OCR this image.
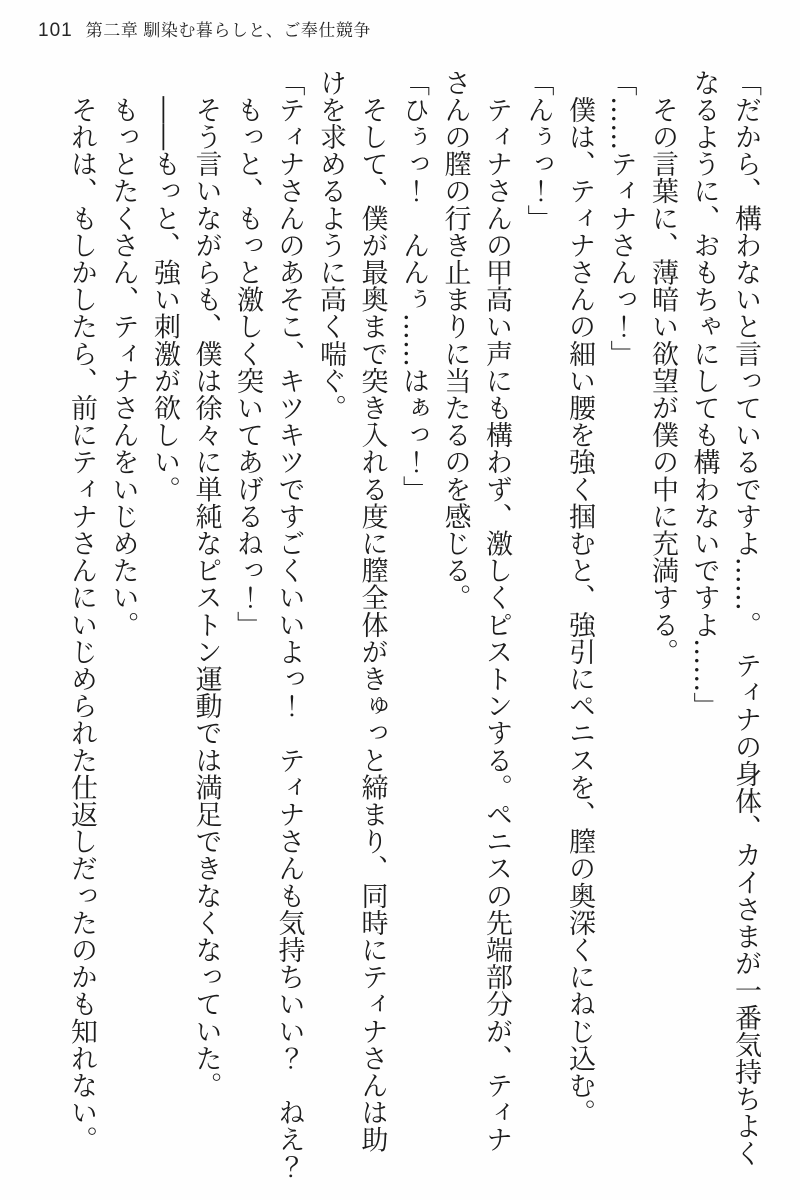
101 第二章 馴染む暮らしと、ご奉仕競争

「だから、構わないと言っているですよ……。　ティナの身体、カイさまが一番気持ちよく

なるように、おもちゃにしても構わないですよ……」

　その言葉に、薄暗い欲望が僕の中に充満する。

「……ティナさんっ！」

　僕は、ティナさんの細い腰を強く掴むと、強引にペニスを、膣の奥深くにねじ込む。

「んぅっ！」

　ティナさんの甲高い声にも構わず、激しくピストンする。ペニスの先端部分が、ティナ

さんの膣の行き止まりに当たるのを感じる。

「ひぅっ！　んんぅ……はぁっ！」

　そして、僕が最奥まで突き入れる度に膣全体がきゅっと締まり、同時にティナさんは助

けを求めるように高く喘ぐ。

「ティナさんのあそこ、キツキツですごくいいよっ！　ティナさんも気持ちいい？　ねえ？

　もっと、もっと激しく突いてあげるねっ！」

　そう言いながらも、僕は徐々に単純なピストン運動では満足できなくなっていた。

　――もっと、強い刺激が欲しい。

　もっとたくさん、ティナさんをいじめたい。

　それは、もしかしたら、前にティナさんにいじめられた仕返しだったのかも知れない。
